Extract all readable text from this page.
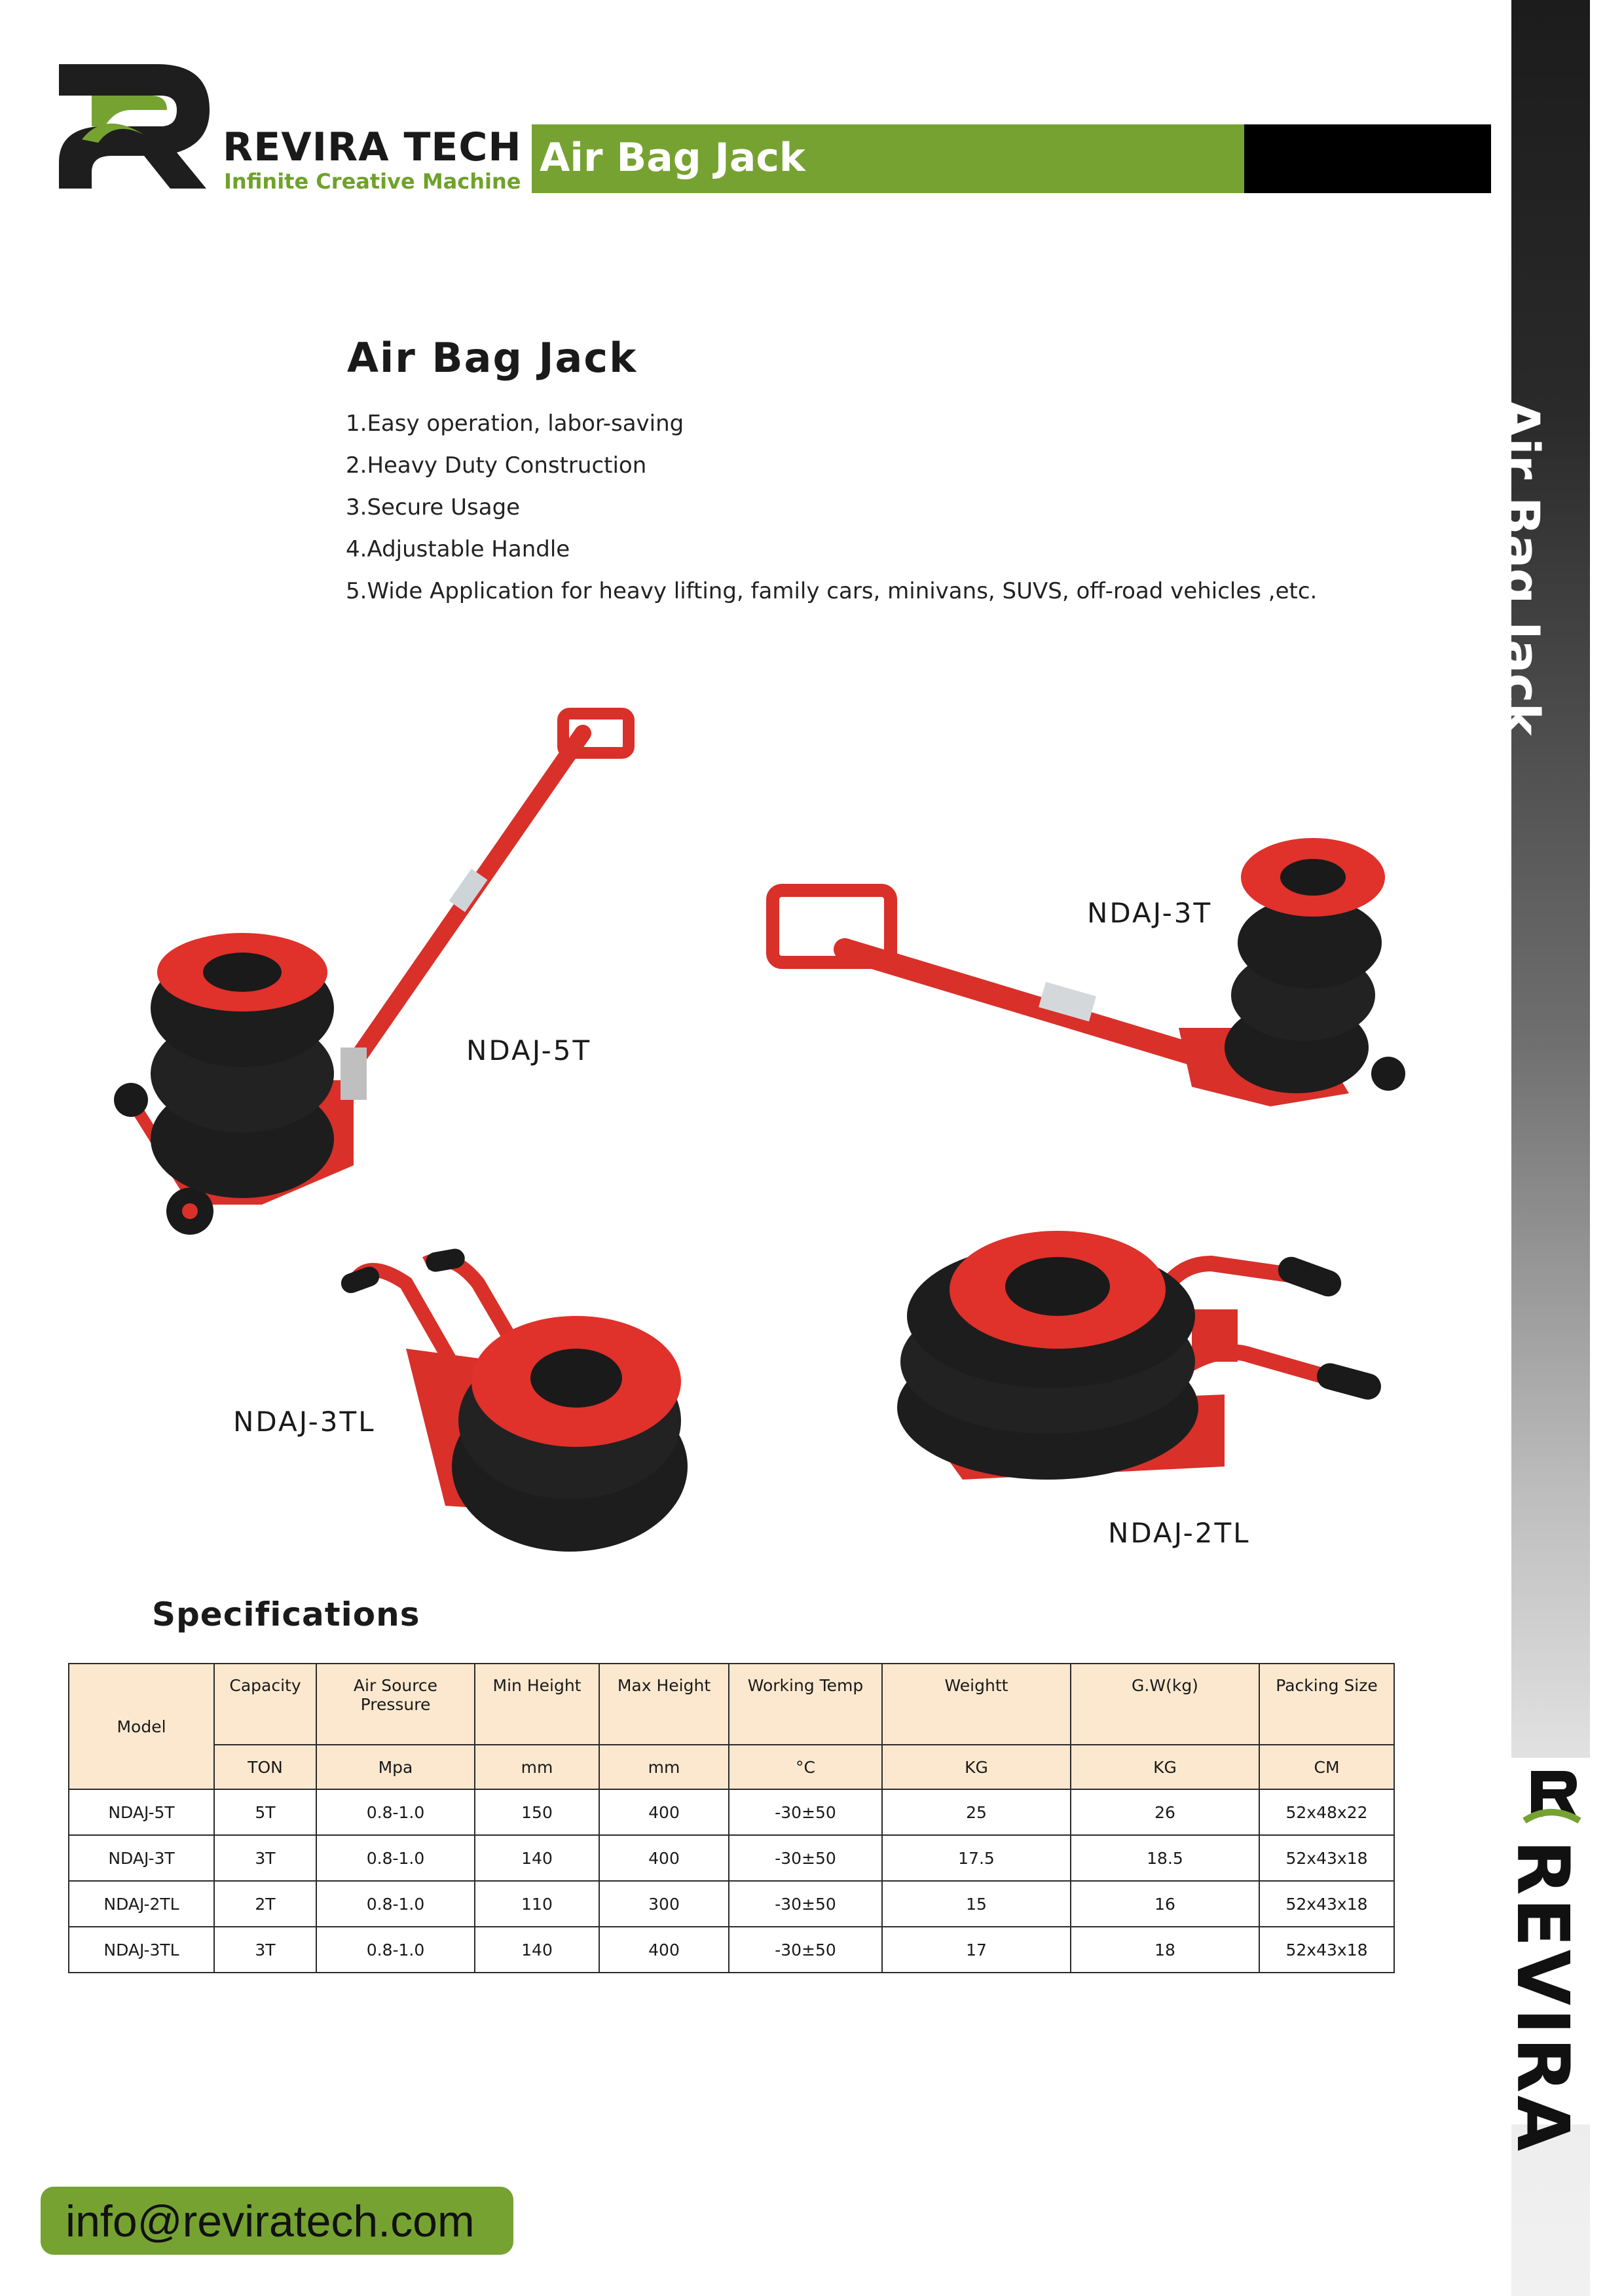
Air Bag Jack
REVIRA
REVIRA TECH
Infinite Creative Machine
Air Bag Jack
Air Bag Jack
1.Easy operation, labor-saving
2.Heavy Duty Construction
3.Secure Usage
4.Adjustable Handle
5.Wide Application for heavy lifting, family cars, minivans, SUVS, off-road vehicles ,etc.
NDAJ-5T
NDAJ-3T
NDAJ-3TL
NDAJ-2TL
Specifications
Model	Capacity	Air Source Pressure	Min Height	Max Height	Working Temp	Weightt	G.W(kg)	Packing Size
	TON	Mpa	mm	mm	°C	KG	KG	CM
NDAJ-5T	5T	0.8-1.0	150	400	-30±50	25	26	52x48x22
NDAJ-3T	3T	0.8-1.0	140	400	-30±50	17.5	18.5	52x43x18
NDAJ-2TL	2T	0.8-1.0	110	300	-30±50	15	16	52x43x18
NDAJ-3TL	3T	0.8-1.0	140	400	-30±50	17	18	52x43x18
info@reviratech.com
